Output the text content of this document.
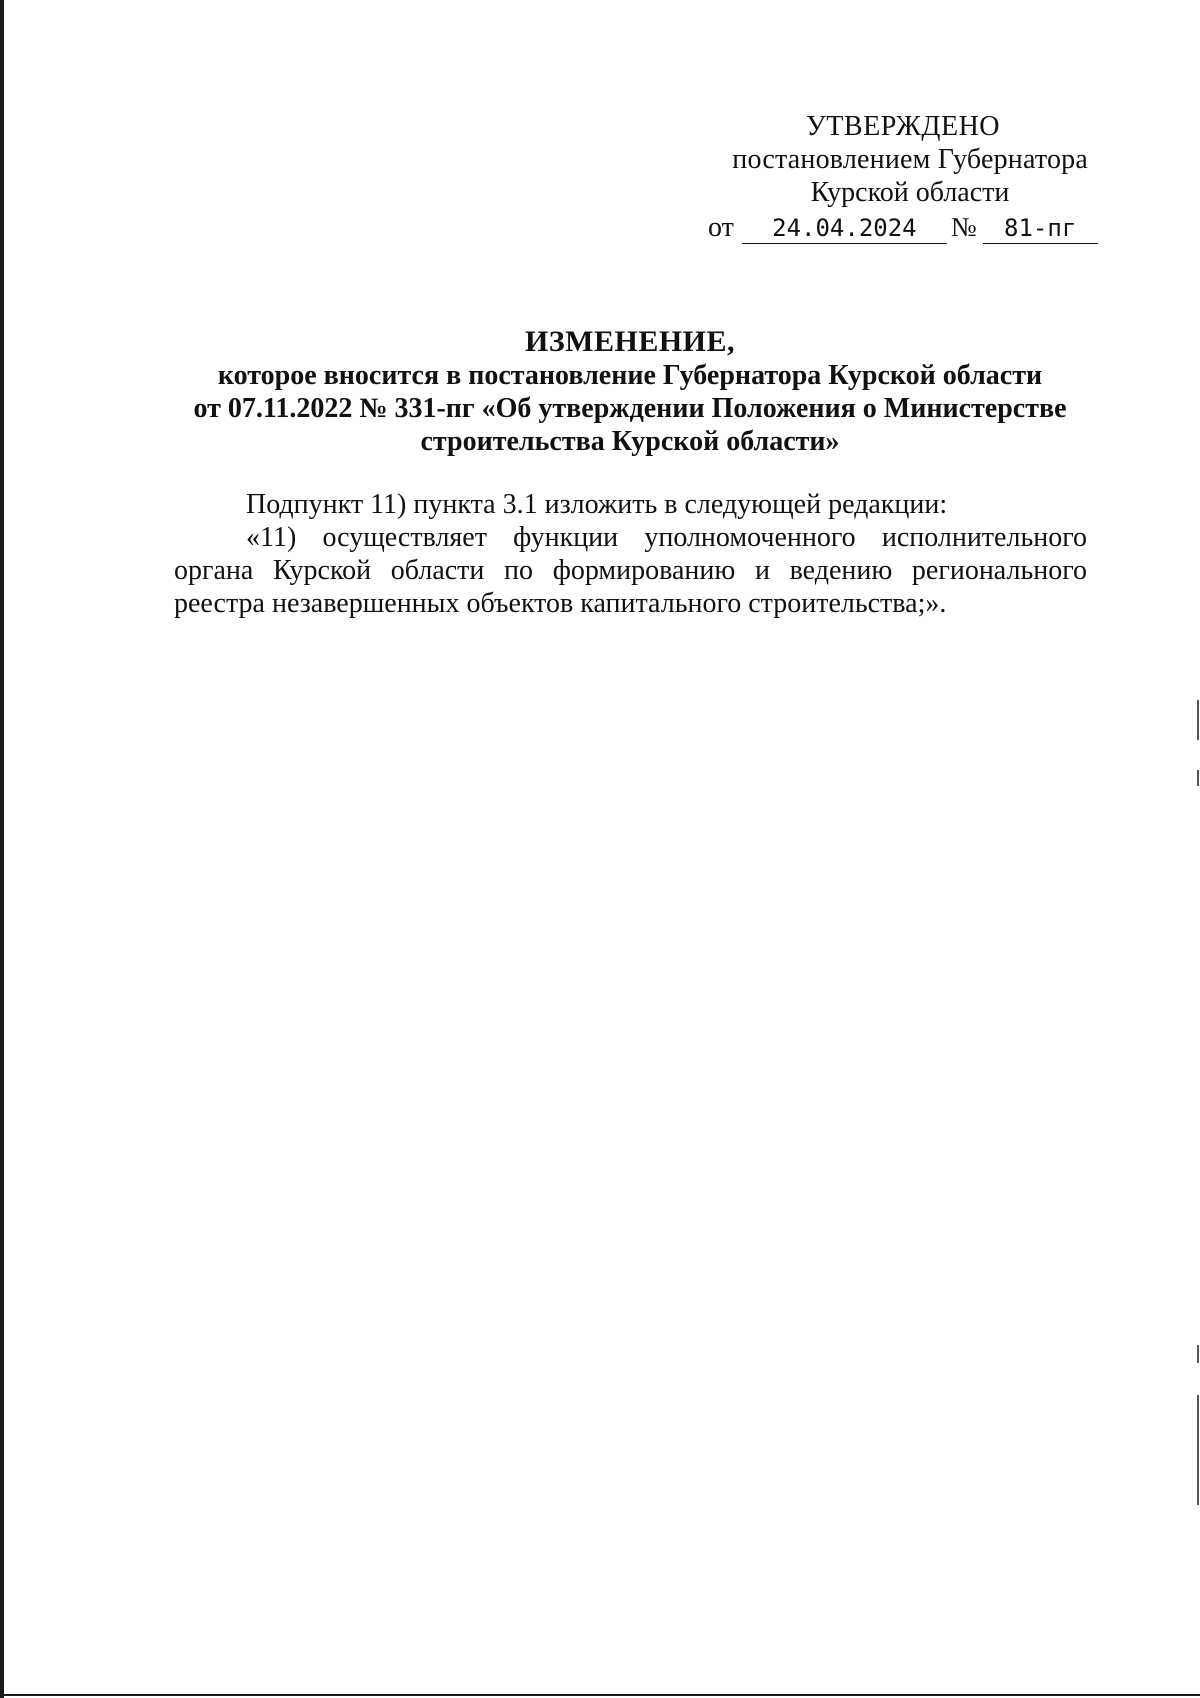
УТВЕРЖДЕНО
постановлением Губернатора
Курской области
от	24.04.2024	№	81-пг
ИЗМЕНЕНИЕ,
которое вносится в постановление Губернатора Курской области
от 07.11.2022 № 331-пг «Об утверждении Положения о Министерстве
строительства Курской области»

Подпункт 11) пункта 3.1 изложить в следующей редакции:

«11) осуществляет функции уполномоченного исполнительного органа Курской области по формированию и ведению регионального реестра незавершенных объектов капитального строительства;».
